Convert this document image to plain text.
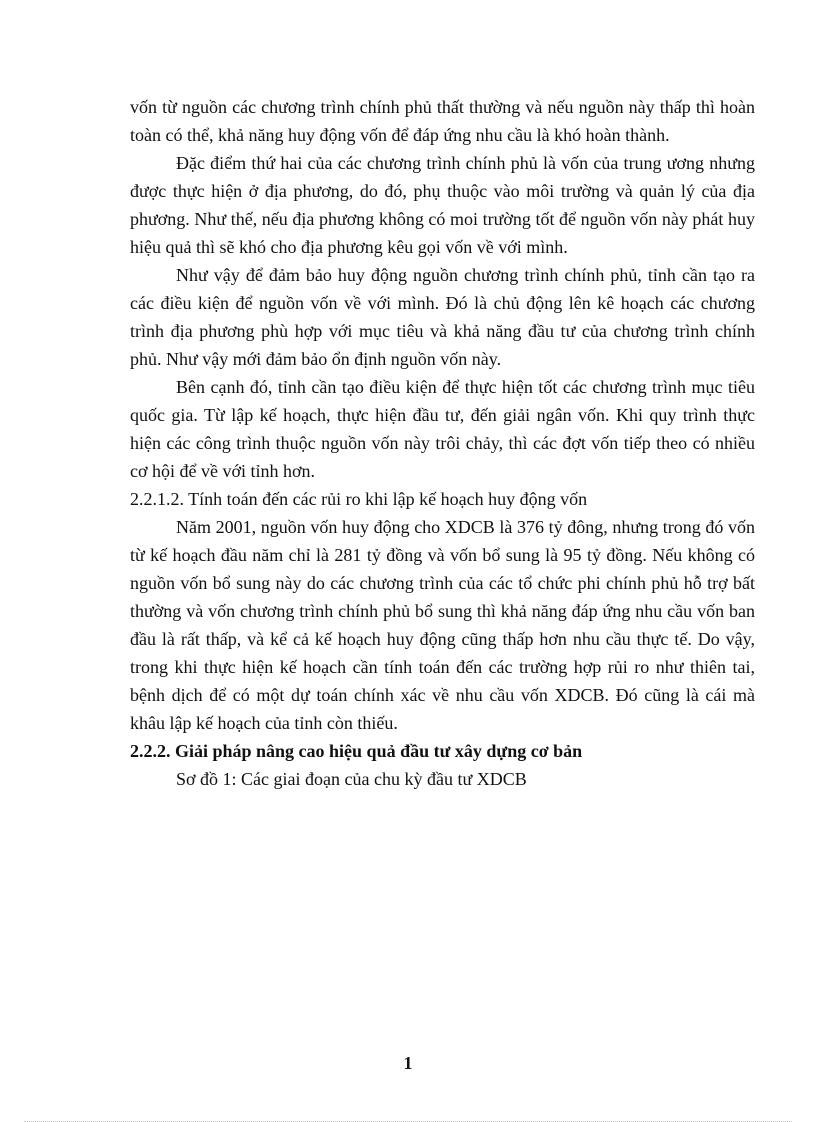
vốn từ nguồn các chương trình chính phủ thất thường và nếu nguồn này thấp thì hoàn toàn có thể, khả năng huy động vốn để đáp ứng nhu cầu là khó hoàn thành.

Đặc điểm thứ hai của các chương trình chính phủ là vốn của trung ương nhưng được thực hiện ở địa phương, do đó, phụ thuộc vào môi trường và quản lý của địa phương. Như thế, nếu địa phương không có moi trường tốt để nguồn vốn này phát huy hiệu quả thì sẽ khó cho địa phương kêu gọi vốn về với mình.

Như vậy để đảm bảo huy động nguồn chương trình chính phủ, tỉnh cần tạo ra các điều kiện để nguồn vốn về với mình. Đó là chủ động lên kê hoạch các chương trình địa phương phù hợp với mục tiêu và khả năng đầu tư của chương trình chính phủ. Như vậy mới đảm bảo ổn định nguồn vốn này.

Bên cạnh đó, tỉnh cần tạo điều kiện để thực hiện tốt các chương trình mục tiêu quốc gia. Từ lập kế hoạch, thực hiện đầu tư, đến giải ngân vốn. Khi quy trình thực hiện các công trình thuộc nguồn vốn này trôi chảy, thì các đợt vốn tiếp theo có nhiều cơ hội để về với tỉnh hơn.

2.2.1.2. Tính toán đến các rủi ro khi lập kế hoạch huy động vốn

Năm 2001, nguồn vốn huy động cho XDCB là 376 tỷ đông, nhưng trong đó vốn từ kế hoạch đầu năm chỉ là 281 tỷ đồng và vốn bổ sung là 95 tỷ đồng. Nếu không có nguồn vốn bổ sung này do các chương trình của các tổ chức phi chính phủ hỗ trợ bất thường và vốn chương trình chính phủ bổ sung thì khả năng đáp ứng nhu cầu vốn ban đầu là rất thấp, và kể cả kế hoạch huy động cũng thấp hơn nhu cầu thực tế. Do vậy, trong khi thực hiện kế hoạch cần tính toán đến các trường hợp rủi ro như thiên tai, bệnh dịch để có một dự toán chính xác về nhu cầu vốn XDCB. Đó cũng là cái mà khâu lập kế hoạch của tỉnh còn thiếu.

2.2.2. Giải pháp nâng cao hiệu quả đầu tư xây dựng cơ bản

Sơ đồ 1: Các giai đoạn của chu kỳ đầu tư XDCB

1
